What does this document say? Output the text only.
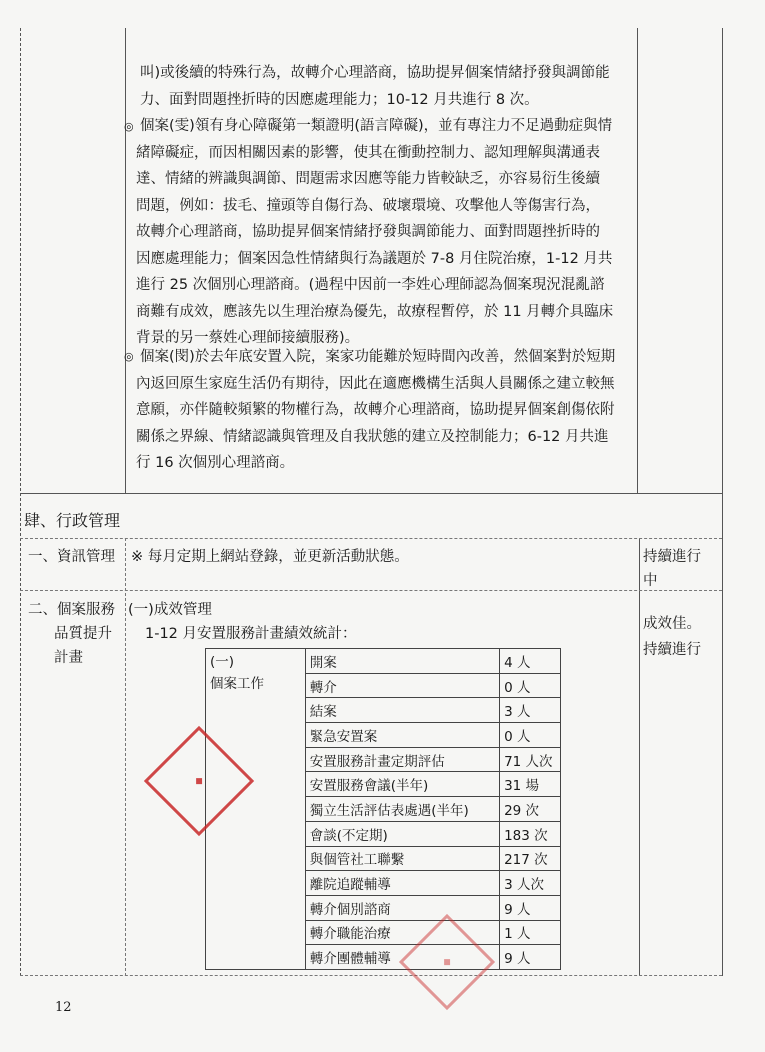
叫)或後續的特殊行為，故轉介心理諮商，協助提昇個案情緒抒發與調節能
力、面對問題挫折時的因應處理能力；10-12 月共進行 8 次。
◎ 個案(雯)領有身心障礙第一類證明(語言障礙)，並有專注力不足過動症與情
緒障礙症，而因相關因素的影響，使其在衝動控制力、認知理解與溝通表
達、情緒的辨識與調節、問題需求因應等能力皆較缺乏，亦容易衍生後續
問題，例如：拔毛、撞頭等自傷行為、破壞環境、攻擊他人等傷害行為，
故轉介心理諮商，協助提昇個案情緒抒發與調節能力、面對問題挫折時的
因應處理能力；個案因急性情緒與行為議題於 7-8 月住院治療，1-12 月共
進行 25 次個別心理諮商。(過程中因前一李姓心理師認為個案現況混亂諮
商難有成效，應該先以生理治療為優先，故療程暫停，於 11 月轉介具臨床
背景的另一蔡姓心理師接續服務)。
◎ 個案(閔)於去年底安置入院，案家功能難於短時間內改善，然個案對於短期
內返回原生家庭生活仍有期待，因此在適應機構生活與人員關係之建立較無
意願，亦伴隨較頻繁的物權行為，故轉介心理諮商，協助提昇個案創傷依附
關係之界線、情緒認識與管理及自我狀態的建立及控制能力；6-12 月共進
行 16 次個別心理諮商。
肆、行政管理
一、資訊管理 ※ 每月定期上網站登錄，並更新活動狀態。	持續進行
中
二、個案服務
品質提升
計畫
(一)成效管理
1-12 月安置服務計畫績效統計：
成效佳。
持續進行
(一)
個案工作	開案	4 人
	轉介	0 人
	結案	3 人
	緊急安置案	0 人
	安置服務計畫定期評估	71 人次
	安置服務會議(半年)	31 場
	獨立生活評估表處遇(半年)	29 次
	會談(不定期)	183 次
	與個管社工聯繫	217 次
	離院追蹤輔導	3 人次
	轉介個別諮商	9 人
	轉介職能治療	1 人
	轉介團體輔導	9 人
◆
◆
12
